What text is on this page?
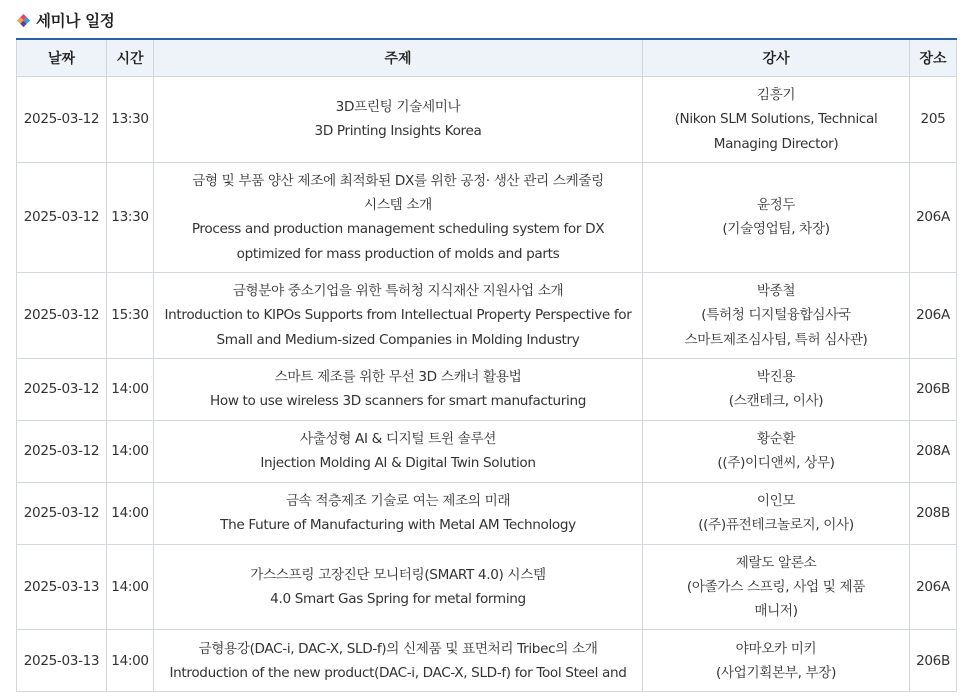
세미나 일정
날짜	시간	주제	강사	장소
2025-03-12	13:30	3D프린팅 기술세미나
3D Printing Insights Korea	김흥기
(Nikon SLM Solutions, Technical
Managing Director)	205
2025-03-12	13:30	금형 및 부품 양산 제조에 최적화된 DX를 위한 공정· 생산 관리 스케줄링
시스템 소개
Process and production management scheduling system for DX
optimized for mass production of molds and parts	윤정두
(기술영업팀, 차장)	206A
2025-03-12	15:30	금형분야 중소기업을 위한 특허청 지식재산 지원사업 소개
Introduction to KIPOs Supports from Intellectual Property Perspective for
Small and Medium-sized Companies in Molding Industry	박종철
(특허청 디지털융합심사국
스마트제조심사팀, 특허 심사관)	206A
2025-03-12	14:00	스마트 제조를 위한 무선 3D 스캐너 활용법
How to use wireless 3D scanners for smart manufacturing	박진용
(스캔테크, 이사)	206B
2025-03-12	14:00	사출성형 AI & 디지털 트윈 솔루션
Injection Molding AI & Digital Twin Solution	황순환
((주)이디앤씨, 상무)	208A
2025-03-12	14:00	금속 적층제조 기술로 여는 제조의 미래
The Future of Manufacturing with Metal AM Technology	이인모
((주)퓨전테크놀로지, 이사)	208B
2025-03-13	14:00	가스스프링 고장진단 모니터링(SMART 4.0) 시스템
4.0 Smart Gas Spring for metal forming	제랄도 알론소
(아졸가스 스프링, 사업 및 제품
매니저)	206A
2025-03-13	14:00	금형용강(DAC-i, DAC-X, SLD-f)의 신제품 및 표면처리 Tribec의 소개
Introduction of the new product(DAC-i, DAC-X, SLD-f) for Tool Steel and	야마오카 미키
(사업기획본부, 부장)	206B
